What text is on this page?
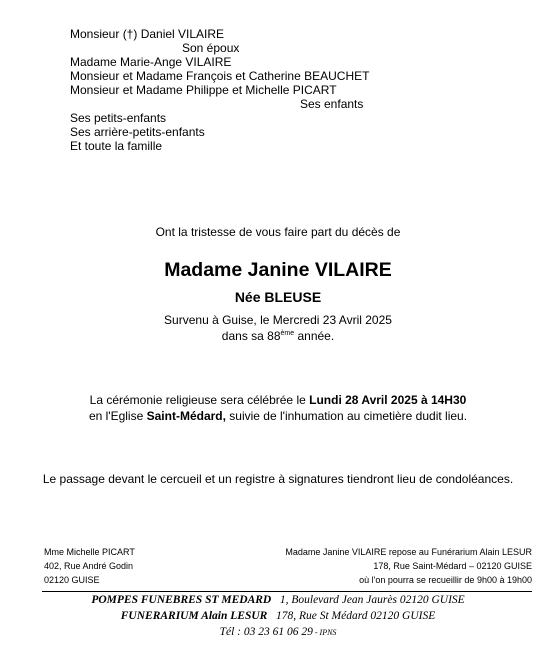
Monsieur (†) Daniel VILAIRE
Son époux
Madame Marie-Ange VILAIRE
Monsieur et Madame François et Catherine BEAUCHET
Monsieur et Madame Philippe et Michelle PICART
Ses enfants
Ses petits-enfants
Ses arrière-petits-enfants
Et toute la famille
Ont la tristesse de vous faire part du décès de
Madame Janine VILAIRE
Née BLEUSE
Survenu à Guise, le Mercredi 23 Avril 2025
dans sa 88ème année.
La cérémonie religieuse sera célébrée le Lundi 28 Avril 2025 à 14H30
en l'Eglise Saint-Médard, suivie de l'inhumation au cimetière dudit lieu.
Le passage devant le cercueil et un registre à signatures tiendront lieu de condoléances.
Mme Michelle PICART
402, Rue André Godin
02120 GUISE
Madame Janine VILAIRE repose au Funérarium Alain LESUR
178, Rue Saint-Médard – 02120 GUISE
où l'on pourra se recueillir de 9h00 à 19h00
POMPES FUNEBRES ST MEDARD 1, Boulevard Jean Jaurès 02120 GUISE
FUNERARIUM Alain LESUR 178, Rue St Médard 02120 GUISE
Tél : 03 23 61 06 29 - IPNS
